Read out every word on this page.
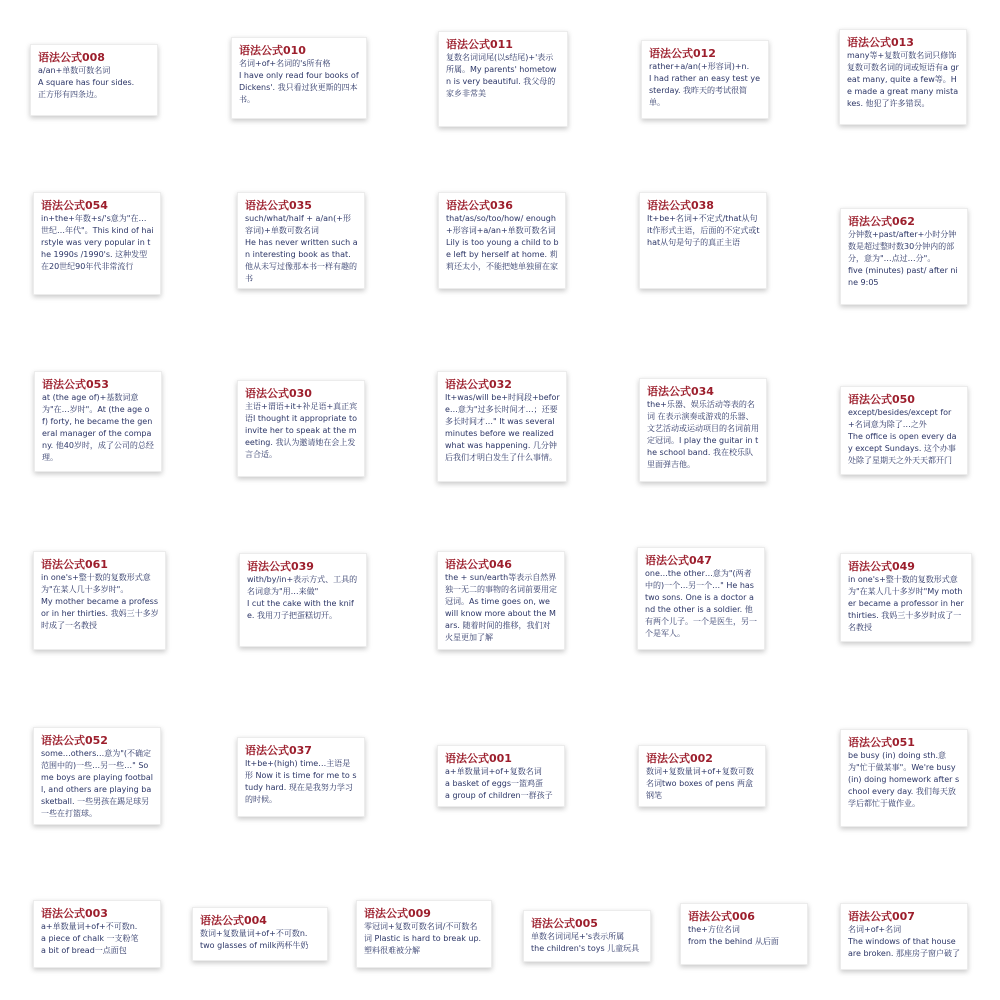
语法公式008
a/an+单数可数名词
A square has four sides.
正方形有四条边。
语法公式010
名词+of+名词的's所有格
I have only read four books of Dickens'. 我只看过狄更斯的四本书。
语法公式011
复数名词词尾(以s结尾)+'表示所属。My parents' hometown is very beautiful. 我父母的家乡非常美
语法公式012
rather+a/an(+形容词)+n.
I had rather an easy test yesterday. 我昨天的考试很简单。
语法公式013
many等+复数可数名词只修饰复数可数名词的词或短语有a great many, quite a few等。He made a great many mistakes. 他犯了许多错误。
语法公式054
in+the+年数+s/'s意为"在…世纪…年代"。This kind of hairstyle was very popular in the 1990s /1990's. 这种发型在20世纪90年代非常流行
语法公式035
such/what/half + a/an(+形容词)+单数可数名词
He has never written such an interesting book as that. 他从未写过像那本书一样有趣的书
语法公式036
that/as/so/too/how/ enough+形容词+a/an+单数可数名词 Lily is too young a child to be left by herself at home. 莉莉还太小，不能把她单独留在家
语法公式038
It+be+名词+不定式/that从句 it作形式主语，后面的不定式或that从句是句子的真正主语
语法公式062
分钟数+past/after+小时分钟数是超过整时数30分钟内的部分，意为"…点过…分"。
five (minutes) past/ after nine 9:05
语法公式053
at (the age of)+基数词意为"在…岁时"。At (the age of) forty, he became the general manager of the company. 他40岁时，成了公司的总经理。
语法公式030
主语+谓语+it+补足语+真正宾语I thought it appropriate to invite her to speak at the meeting. 我认为邀请她在会上发言合适。
语法公式032
It+was/will be+时间段+before…意为"过多长时间才…；还要多长时间才…" It was several minutes before we realized what was happening. 几分钟后我们才明白发生了什么事情。
语法公式034
the+乐器、娱乐活动等表的名词 在表示演奏或游戏的乐器、文艺活动或运动项目的名词前用定冠词。I play the guitar in the school band. 我在校乐队里面弹吉他。
语法公式050
except/besides/except for+名词意为除了…之外
The office is open every day except Sundays. 这个办事处除了星期天之外天天都开门
语法公式061
in one's+整十数的复数形式意为"在某人几十多岁时"。
My mother became a professor in her thirties. 我妈三十多岁时成了一名教授
语法公式039
with/by/in+表示方式、工具的名词意为"用…来做"
I cut the cake with the knife. 我用刀子把蛋糕切开。
语法公式046
the + sun/earth等表示自然界独一无二的事物的名词前要用定冠词。As time goes on, we will know more about the Mars. 随着时间的推移，我们对火星更加了解
语法公式047
one…the other…意为"(两者中的)一个…另一个…" He has two sons. One is a doctor and the other is a soldier. 他有两个儿子。一个是医生，另一个是军人。
语法公式049
in one's+整十数的复数形式意为"在某人几十多岁时"My mother became a professor in her thirties. 我妈三十多岁时成了一名教授
语法公式052
some…others…意为"(不确定范围中的)一些…另一些…" Some boys are playing football, and others are playing basketball. 一些男孩在踢足球另一些在打篮球。
语法公式037
It+be+(high) time…主语是形 Now it is time for me to study hard. 现在是我努力学习的时候。
语法公式001
a+单数量词+of+复数名词
a basket of eggs一篮鸡蛋
a group of children一群孩子
语法公式002
数词+复数量词+of+复数可数名词two boxes of pens 两盒钢笔
语法公式051
be busy (in) doing sth.意为"忙于做某事"。We're busy (in) doing homework after school every day. 我们每天放学后都忙于做作业。
语法公式003
a+单数量词+of+不可数n.
a piece of chalk 一支粉笔
a bit of bread一点面包
语法公式004
数词+复数量词+of+不可数n.
two glasses of milk两杯牛奶
语法公式009
零冠词+复数可数名词/不可数名词 Plastic is hard to break up. 塑料很难被分解
语法公式005
单数名词词尾+'s表示所属
the children's toys 儿童玩具
语法公式006
the+方位名词
from the behind 从后面
语法公式007
名词+of+名词
The windows of that house are broken. 那座房子窗户破了
